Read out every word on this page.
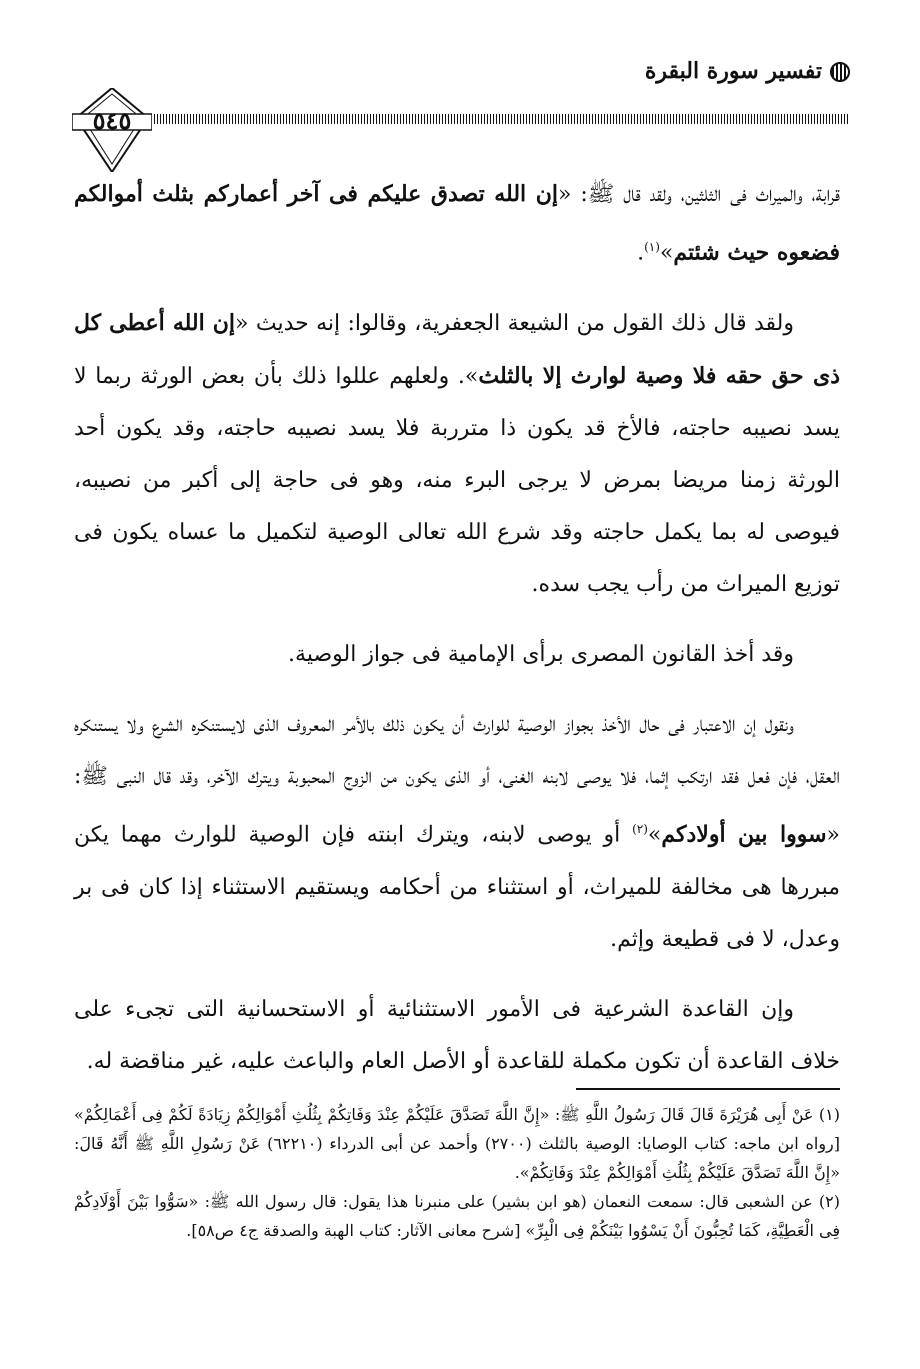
تفسير سورة البقرة
٥٤٥

قرابة، والميراث فى الثلثين، ولقد قال ﷺ: «إن الله تصدق عليكم فى آخر أعماركم بثلث أموالكم فضعوه حيث شئتم»$^{(١)}$.

ولقد قال ذلك القول من الشيعة الجعفرية، وقالوا: إنه حديث «إن الله أعطى كل ذى حق حقه فلا وصية لوارث إلا بالثلث». ولعلهم عللوا ذلك بأن بعض الورثة ربما لا يسد نصيبه حاجته، فالأخ قد يكون ذا مترربة فلا يسد نصيبه حاجته، وقد يكون أحد الورثة زمنا مريضا بمرض لا يرجى البرء منه، وهو فى حاجة إلى أكبر من نصيبه، فيوصى له بما يكمل حاجته وقد شرع الله تعالى الوصية لتكميل ما عساه يكون فى توزيع الميراث من رأب يجب سده.

وقد أخذ القانون المصرى برأى الإمامية فى جواز الوصية.

ونقول إن الاعتبار فى حال الأخذ بجواز الوصية للوارث أن يكون ذلك بالأمر المعروف الذى لايستنكره الشرع ولا يستنكره العقل، فإن فعل فقد ارتكب إثما، فلا يوصى لابنه الغنى، أو الذى يكون من الزوج المحبوبة ويترك الآخر، وقد قال النبى ﷺ: «سووا بين أولادكم»$^{(٢)}$ أو يوصى لابنه، ويترك ابنته فإن الوصية للوارث مهما يكن مبررها هى مخالفة للميراث، أو استثناء من أحكامه ويستقيم الاستثناء إذا كان فى بر وعدل، لا فى قطيعة وإثم.

وإن القاعدة الشرعية فى الأمور الاستثنائية أو الاستحسانية التى تجىء على خلاف القاعدة أن تكون مكملة للقاعدة أو الأصل العام والباعث عليه، غير مناقضة له.

(١) عَنْ أَبِى هُرَيْرَةَ قَالَ قَالَ رَسُولُ اللَّهِ ﷺ: «إِنَّ اللَّهَ تَصَدَّقَ عَلَيْكُمْ عِنْدَ وَفَاتِكُمْ بِثُلُثِ أَمْوَالِكُمْ زِيَادَةً لَكُمْ فِى أَعْمَالِكُمْ» [رواه ابن ماجه: كتاب الوصايا: الوصية بالثلث (٢٧٠٠) وأحمد عن أبى الدرداء (٦٢٢١٠) عَنْ رَسُولِ اللَّهِ ﷺ أَنَّهُ قَالَ: «إِنَّ اللَّهَ تَصَدَّقَ عَلَيْكُمْ بِثُلُثِ أَمْوَالِكُمْ عِنْدَ وَفَاتِكُمْ».

(٢) عن الشعبى قال: سمعت النعمان (هو ابن بشير) على منبرنا هذا يقول: قال رسول الله ﷺ: «سَوُّوا بَيْنَ أَوْلَادِكُمْ فِى الْعَطِيَّةِ، كَمَا تُحِبُّونَ أَنْ يَسْوُوا بَيْنَكُمْ فِى الْبِرِّ» [شرح معانى الآثار: كتاب الهبة والصدقة ج٤ ص٥٨].
